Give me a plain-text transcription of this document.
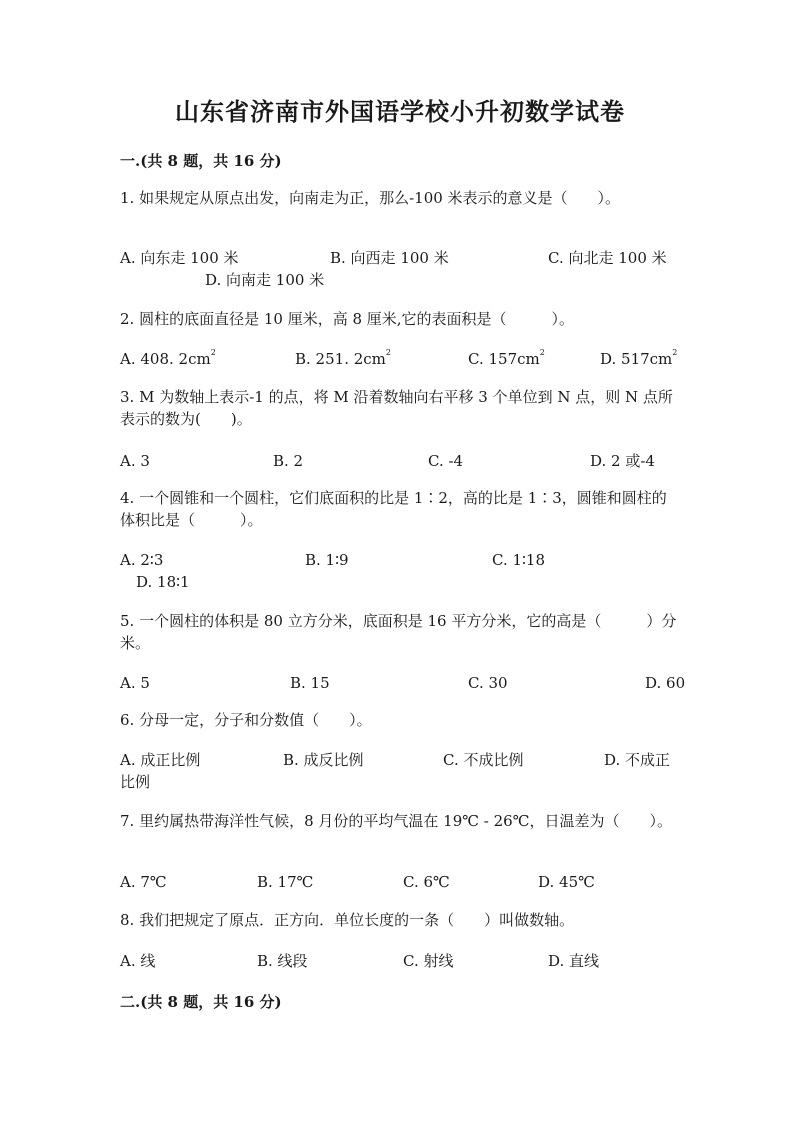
山东省济南市外国语学校小升初数学试卷
一.(共 8 题，共 16 分)
1. 如果规定从原点出发，向南走为正，那么-100 米表示的意义是（　　）。
A. 向东走 100 米	B. 向西走 100 米	C. 向北走 100 米
D. 向南走 100 米
2. 圆柱的底面直径是 10 厘米，高 8 厘米,它的表面积是（　　　）。
A. 408. $2cm^2$	B. 251. $2cm^2$	C. $157cm^2$	D. $517cm^2$
3. M 为数轴上表示-1 的点，将 M 沿着数轴向右平移 3 个单位到 N 点，则 N 点所表示的数为(　　)。
A. 3	B. 2	C. -4	D. 2 或-4
4. 一个圆锥和一个圆柱，它们底面积的比是 1∶2，高的比是 1∶3，圆锥和圆柱的体积比是（　　　）。
A. 2∶3	B. 1∶9	C. 1∶18
D. 18∶1
5. 一个圆柱的体积是 80 立方分米，底面积是 16 平方分米，它的高是（　　　）分米。
A. 5	B. 15	C. 30	D. 60
6. 分母一定，分子和分数值（　　）。
A. 成正比例	B. 成反比例	C. 不成比例	D. 不成正比例
7. 里约属热带海洋性气候，8 月份的平均气温在 19℃ - 26℃，日温差为（　　）。
A. 7℃	B. 17℃	C. 6℃	D. 45℃
8. 我们把规定了原点．正方向．单位长度的一条（　　）叫做数轴。
A. 线	B. 线段	C. 射线	D. 直线
二.(共 8 题，共 16 分)
